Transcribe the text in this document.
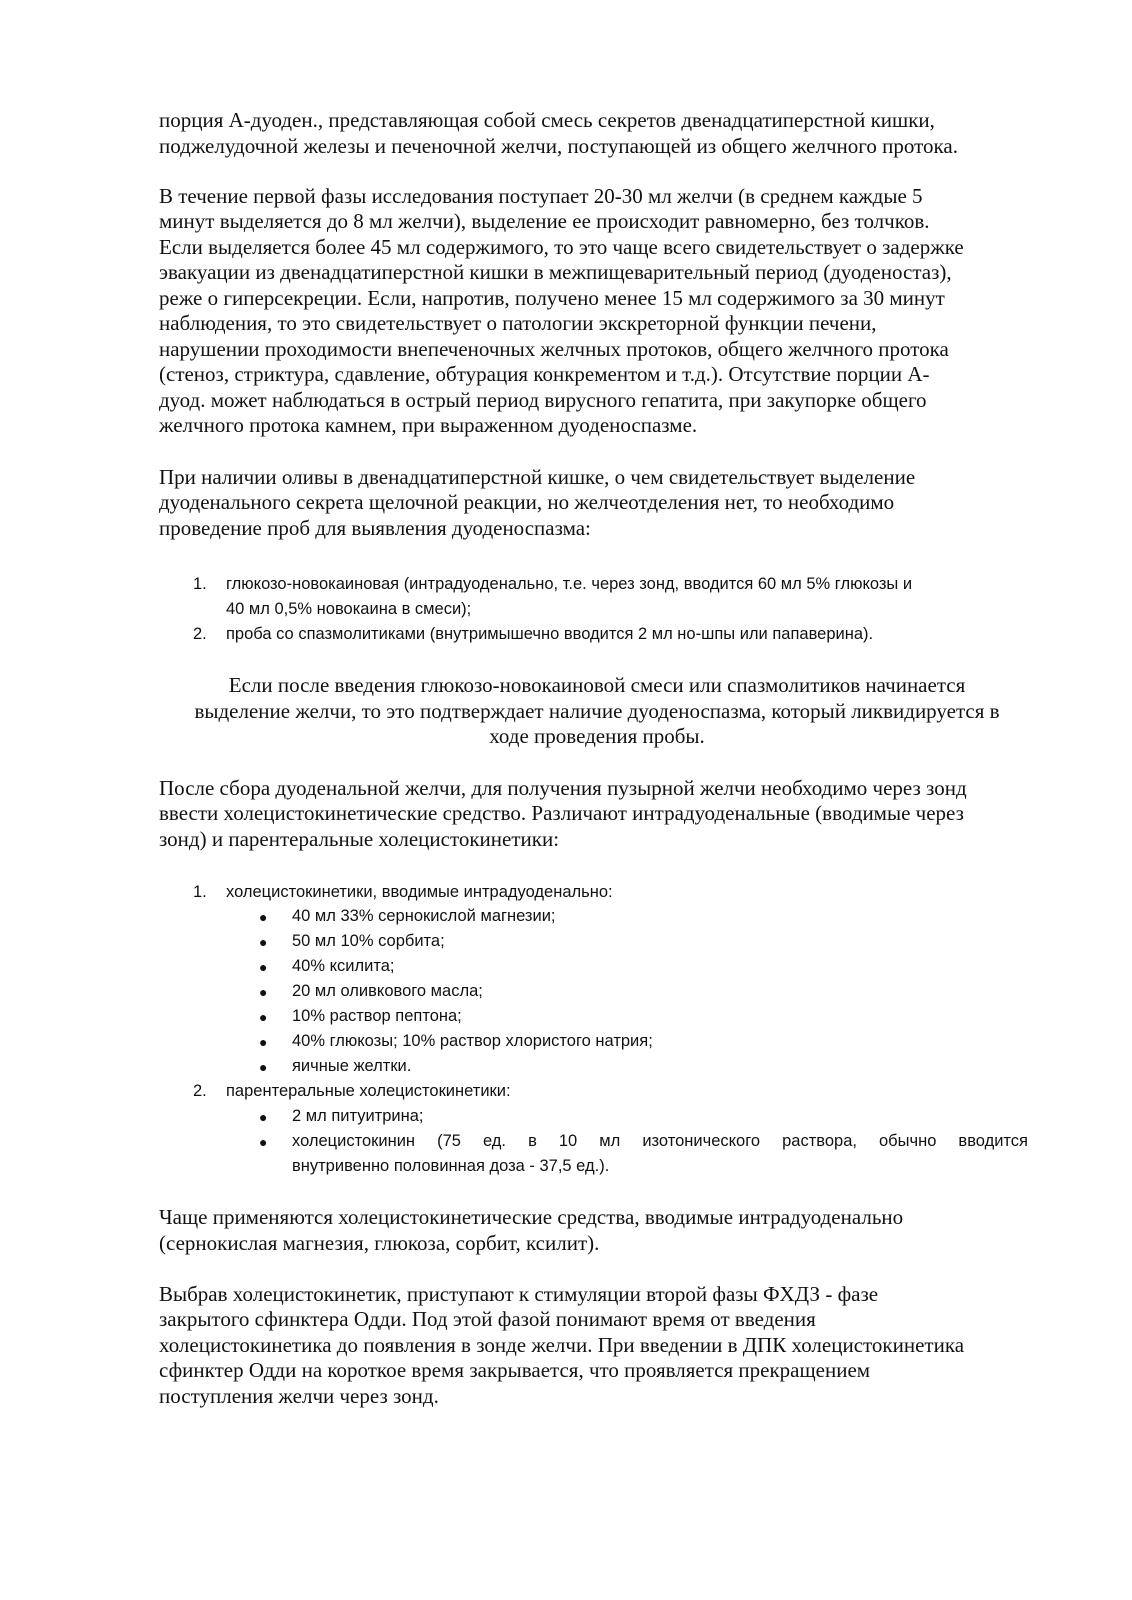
порция А-дуоден., представляющая собой смесь секретов двенадцатиперстной кишки,
поджелудочной железы и печеночной желчи, поступающей из общего желчного протока.
В течение первой фазы исследования поступает 20-30 мл желчи (в среднем каждые 5
минут выделяется до 8 мл желчи), выделение ее происходит равномерно, без толчков.
Если выделяется более 45 мл содержимого, то это чаще всего свидетельствует о задержке
эвакуации из двенадцатиперстной кишки в межпищеварительный период (дуоденостаз),
реже о гиперсекреции. Если, напротив, получено менее 15 мл содержимого за 30 минут
наблюдения, то это свидетельствует о патологии экскреторной функции печени,
нарушении проходимости внепеченочных желчных протоков, общего желчного протока
(стеноз, стриктура, сдавление, обтурация конкрементом и т.д.). Отсутствие порции А-
дуод. может наблюдаться в острый период вирусного гепатита, при закупорке общего
желчного протока камнем, при выраженном дуоденоспазме.
При наличии оливы в двенадцатиперстной кишке, о чем свидетельствует выделение
дуоденального секрета щелочной реакции, но желчеотделения нет, то необходимо
проведение проб для выявления дуоденоспазма:
1.	глюкозо-новокаиновая (интрадуоденально, т.е. через зонд, вводится 60 мл 5% глюкозы и
40 мл 0,5% новокаина в смеси);
2.	проба со спазмолитиками (внутримышечно вводится 2 мл но-шпы или папаверина).
Если после введения глюкозо-новокаиновой смеси или спазмолитиков начинается
выделение желчи, то это подтверждает наличие дуоденоспазма, который ликвидируется в
ходе проведения пробы.
После сбора дуоденальной желчи, для получения пузырной желчи необходимо через зонд
ввести холецистокинетические средство. Различают интрадуоденальные (вводимые через
зонд) и парентеральные холецистокинетики:
1.	холецистокинетики, вводимые интрадуоденально:
● 40 мл 33% сернокислой магнезии;
● 50 мл 10% сорбита;
● 40% ксилита;
● 20 мл оливкового масла;
● 10% раствор пептона;
● 40% глюкозы; 10% раствор хлористого натрия;
● яичные желтки.
2.	парентеральные холецистокинетики:
● 2 мл питуитрина;
● холецистокинин (75 ед. в 10 мл изотонического раствора, обычно вводится
внутривенно половинная доза - 37,5 ед.).
Чаще применяются холецистокинетические средства, вводимые интрадуоденально
(сернокислая магнезия, глюкоза, сорбит, ксилит).
Выбрав холецистокинетик, приступают к стимуляции второй фазы ФХДЗ - фазе
закрытого сфинктера Одди. Под этой фазой понимают время от введения
холецистокинетика до появления в зонде желчи. При введении в ДПК холецистокинетика
сфинктер Одди на короткое время закрывается, что проявляется прекращением
поступления желчи через зонд.
